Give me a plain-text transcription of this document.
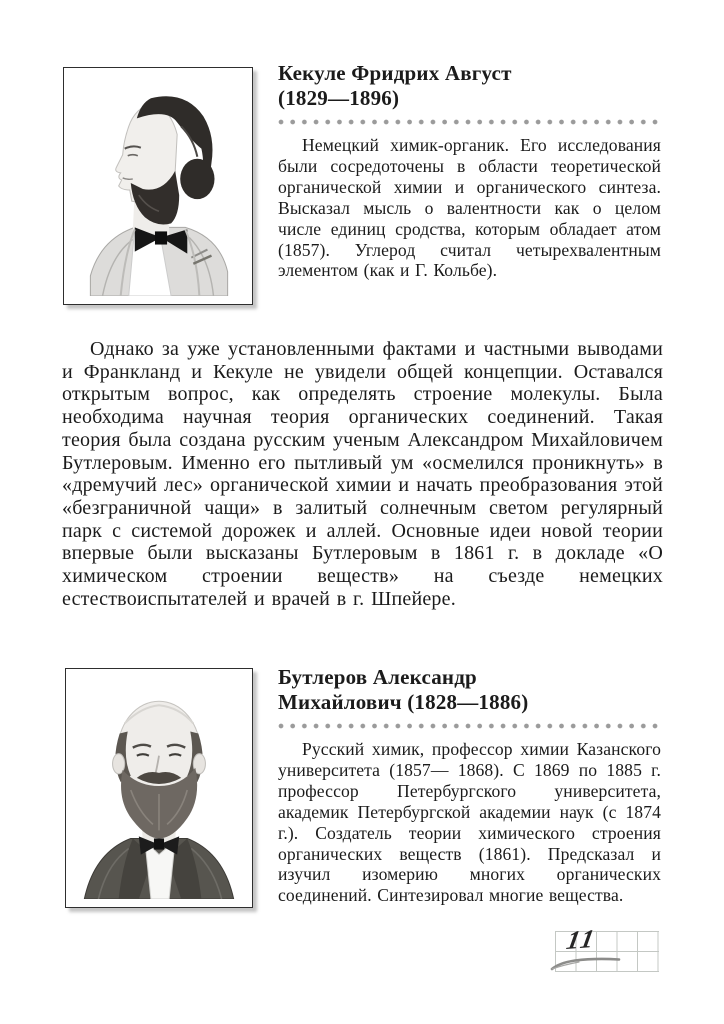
Кекуле Фридрих Август
(1829—1896)

Немецкий химик-органик. Его исследования были сосредоточены в области теоретической органической химии и органического синтеза. Высказал мысль о валентности как о целом числе единиц сродства, которым обладает атом (1857). Углерод считал четырехвалентным элементом (как и Г. Кольбе).

Однако за уже установленными фактами и частными выводами и Франкланд и Кекуле не увидели общей концепции. Оставался открытым вопрос, как определять строение молекулы. Была необходима научная теория органических соединений. Такая теория была создана русским ученым Александром Михайловичем Бутлеровым. Именно его пытливый ум «осмелился проникнуть» в «дремучий лес» органической химии и начать преобразования этой «безграничной чащи» в залитый солнечным светом регулярный парк с системой дорожек и аллей. Основные идеи новой теории впервые были высказаны Бутлеровым в 1861 г. в докладе «О химическом строении веществ» на съезде немецких естествоиспытателей и врачей в г. Шпейере.

Бутлеров Александр
Михайлович (1828—1886)

Русский химик, профессор химии Казанского университета (1857— 1868). С 1869 по 1885 г. профессор Петербургского университета, академик Петербургской академии наук (с 1874 г.). Создатель теории химического строения органических веществ (1861). Предсказал и изучил изомерию многих органических соединений. Синтезировал многие вещества.

11
